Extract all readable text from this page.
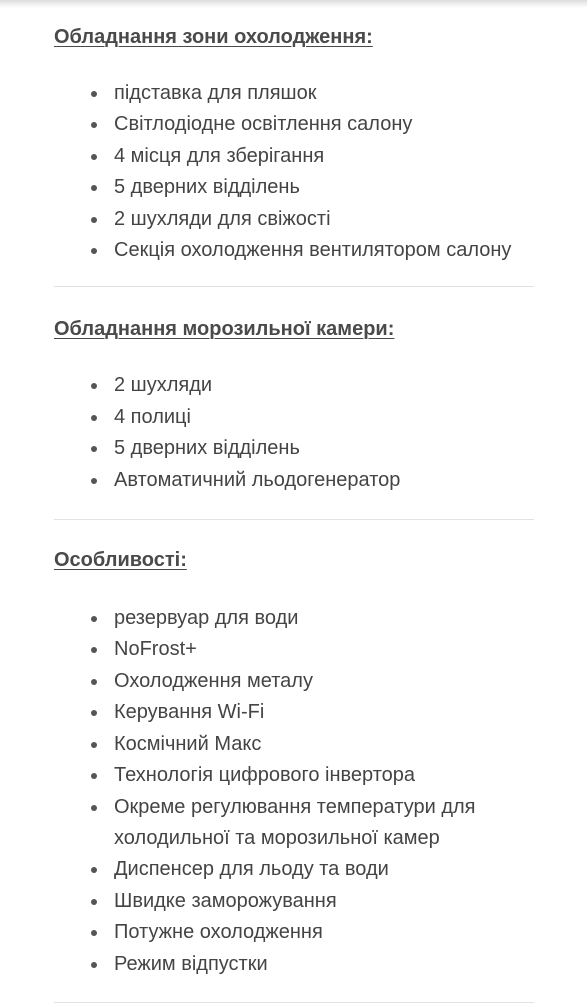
Обладнання зони охолодження:
підставка для пляшок
Світлодіодне освітлення салону
4 місця для зберігання
5 дверних відділень
2 шухляди для свіжості
Секція охолодження вентилятором салону
Обладнання морозильної камери:
2 шухляди
4 полиці
5 дверних відділень
Автоматичний льодогенератор
Особливості:
резервуар для води
NoFrost+
Охолодження металу
Керування Wi-Fi
Космічний Макс
Технологія цифрового інвертора
Окреме регулювання температури для холодильної та морозильної камер
Диспенсер для льоду та води
Швидке заморожування
Потужне охолодження
Режим відпустки
